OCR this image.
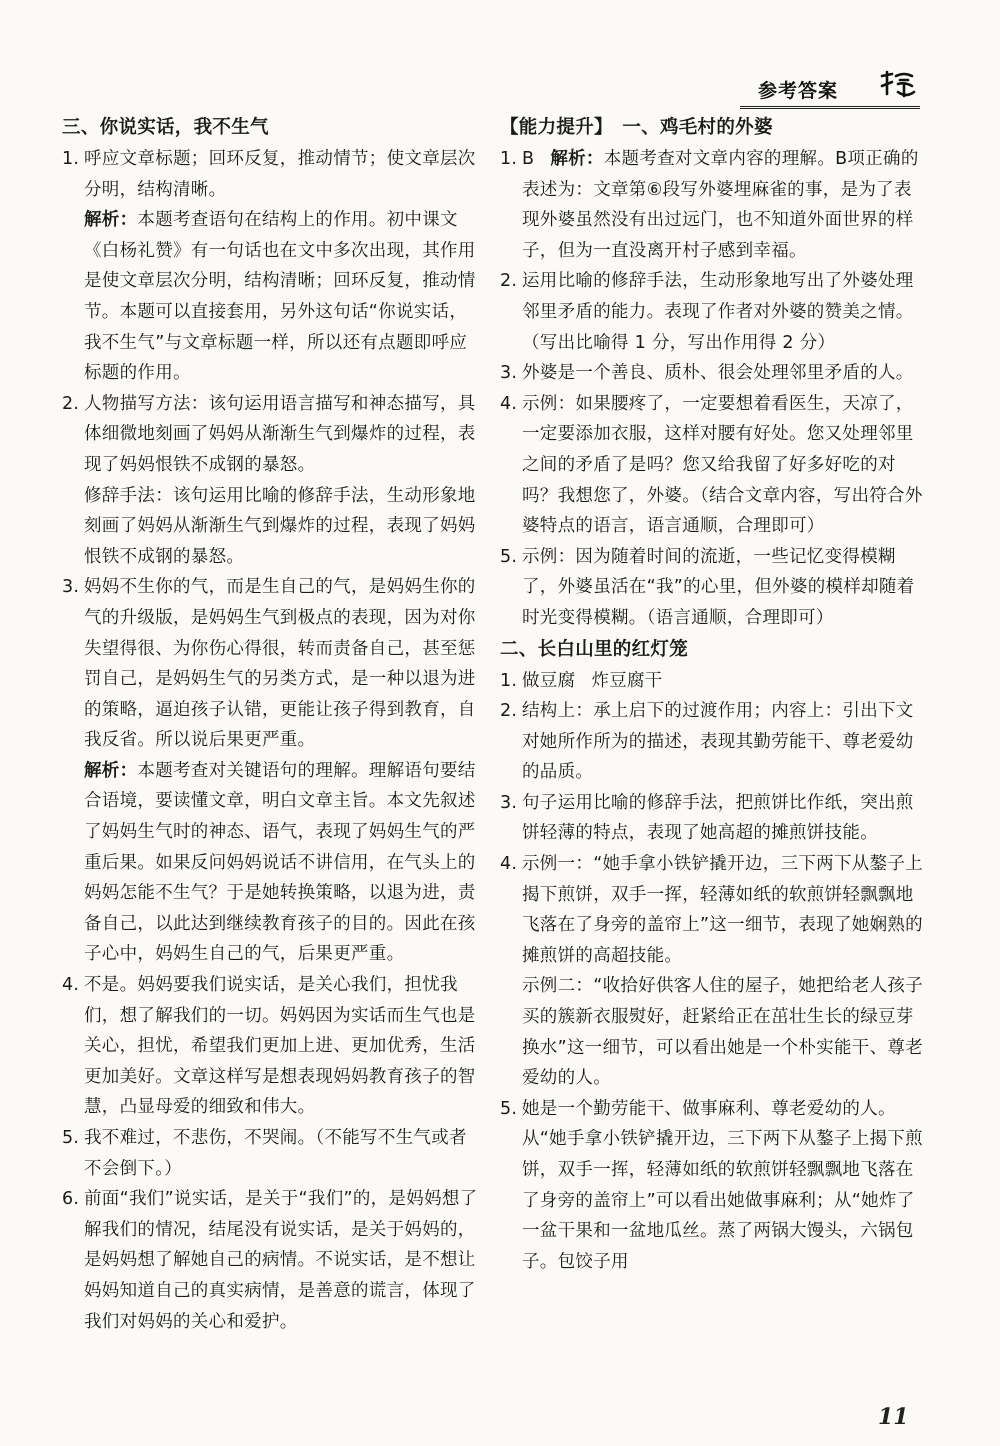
参考答案
三、你说实话，我不生气

1. 呼应文章标题；回环反复，推动情节；使文章层次分明，结构清晰。

解析：本题考查语句在结构上的作用。初中课文《白杨礼赞》有一句话也在文中多次出现，其作用是使文章层次分明，结构清晰；回环反复，推动情节。本题可以直接套用，另外这句话“你说实话，我不生气”与文章标题一样，所以还有点题即呼应标题的作用。

2. 人物描写方法：该句运用语言描写和神态描写，具体细微地刻画了妈妈从渐渐生气到爆炸的过程，表现了妈妈恨铁不成钢的暴怒。

修辞手法：该句运用比喻的修辞手法，生动形象地刻画了妈妈从渐渐生气到爆炸的过程，表现了妈妈恨铁不成钢的暴怒。

3. 妈妈不生你的气，而是生自己的气，是妈妈生你的气的升级版，是妈妈生气到极点的表现，因为对你失望得很、为你伤心得很，转而责备自己，甚至惩罚自己，是妈妈生气的另类方式，是一种以退为进的策略，逼迫孩子认错，更能让孩子得到教育，自我反省。所以说后果更严重。

解析：本题考查对关键语句的理解。理解语句要结合语境，要读懂文章，明白文章主旨。本文先叙述了妈妈生气时的神态、语气，表现了妈妈生气的严重后果。如果反问妈妈说话不讲信用，在气头上的妈妈怎能不生气？于是她转换策略，以退为进，责备自己，以此达到继续教育孩子的目的。因此在孩子心中，妈妈生自己的气，后果更严重。

4. 不是。妈妈要我们说实话，是关心我们，担忧我们，想了解我们的一切。妈妈因为实话而生气也是关心，担忧，希望我们更加上进、更加优秀，生活更加美好。文章这样写是想表现妈妈教育孩子的智慧，凸显母爱的细致和伟大。

5. 我不难过，不悲伤，不哭闹。（不能写不生气或者不会倒下。）

6. 前面“我们”说实话，是关于“我们”的，是妈妈想了解我们的情况，结尾没有说实话，是关于妈妈的，是妈妈想了解她自己的病情。不说实话，是不想让妈妈知道自己的真实病情，是善意的谎言，体现了我们对妈妈的关心和爱护。

【能力提升】　一、鸡毛村的外婆

1. B 解析：本题考查对文章内容的理解。B项正确的表述为：文章第⑥段写外婆埋麻雀的事，是为了表现外婆虽然没有出过远门，也不知道外面世界的样子，但为一直没离开村子感到幸福。

2. 运用比喻的修辞手法，生动形象地写出了外婆处理邻里矛盾的能力。表现了作者对外婆的赞美之情。（写出比喻得 1 分，写出作用得 2 分）

3. 外婆是一个善良、质朴、很会处理邻里矛盾的人。

4. 示例：如果腰疼了，一定要想着看医生，天凉了，一定要添加衣服，这样对腰有好处。您又处理邻里之间的矛盾了是吗？您又给我留了好多好吃的对吗？我想您了，外婆。（结合文章内容，写出符合外婆特点的语言，语言通顺，合理即可）

5. 示例：因为随着时间的流逝，一些记忆变得模糊了，外婆虽活在“我”的心里，但外婆的模样却随着时光变得模糊。（语言通顺，合理即可）

二、长白山里的红灯笼

1. 做豆腐 炸豆腐干

2. 结构上：承上启下的过渡作用；内容上：引出下文对她所作所为的描述，表现其勤劳能干、尊老爱幼的品质。

3. 句子运用比喻的修辞手法，把煎饼比作纸，突出煎饼轻薄的特点，表现了她高超的摊煎饼技能。

4. 示例一：“她手拿小铁铲撬开边，三下两下从鏊子上揭下煎饼，双手一挥，轻薄如纸的软煎饼轻飘飘地飞落在了身旁的盖帘上”这一细节，表现了她娴熟的摊煎饼的高超技能。

示例二：“收拾好供客人住的屋子，她把给老人孩子买的簇新衣服熨好，赶紧给正在茁壮生长的绿豆芽换水”这一细节，可以看出她是一个朴实能干、尊老爱幼的人。

5. 她是一个勤劳能干、做事麻利、尊老爱幼的人。从“她手拿小铁铲撬开边，三下两下从鏊子上揭下煎饼，双手一挥，轻薄如纸的软煎饼轻飘飘地飞落在了身旁的盖帘上”可以看出她做事麻利；从“她炸了一盆干果和一盆地瓜丝。蒸了两锅大馒头，六锅包子。包饺子用

11
